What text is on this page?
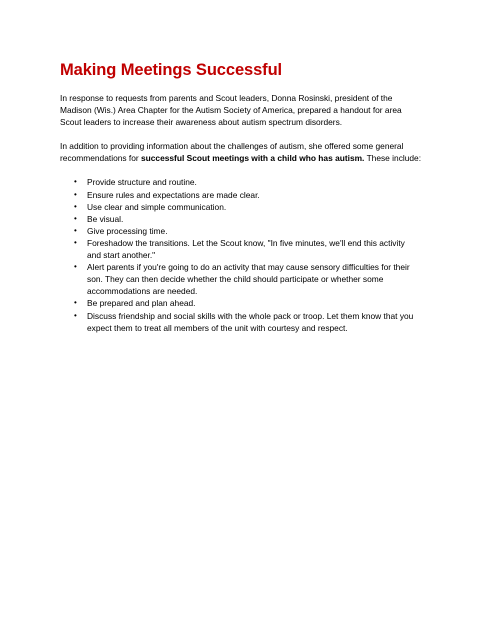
Making Meetings Successful

In response to requests from parents and Scout leaders, Donna Rosinski, president of the
Madison (Wis.) Area Chapter for the Autism Society of America, prepared a handout for area
Scout leaders to increase their awareness about autism spectrum disorders.

In addition to providing information about the challenges of autism, she offered some general
recommendations for successful Scout meetings with a child who has autism. These include:

• Provide structure and routine.
• Ensure rules and expectations are made clear.
• Use clear and simple communication.
• Be visual.
• Give processing time.
• Foreshadow the transitions. Let the Scout know, "In five minutes, we'll end this activity
and start another."
• Alert parents if you're going to do an activity that may cause sensory difficulties for their
son. They can then decide whether the child should participate or whether some
accommodations are needed.
• Be prepared and plan ahead.
• Discuss friendship and social skills with the whole pack or troop. Let them know that you
expect them to treat all members of the unit with courtesy and respect.
